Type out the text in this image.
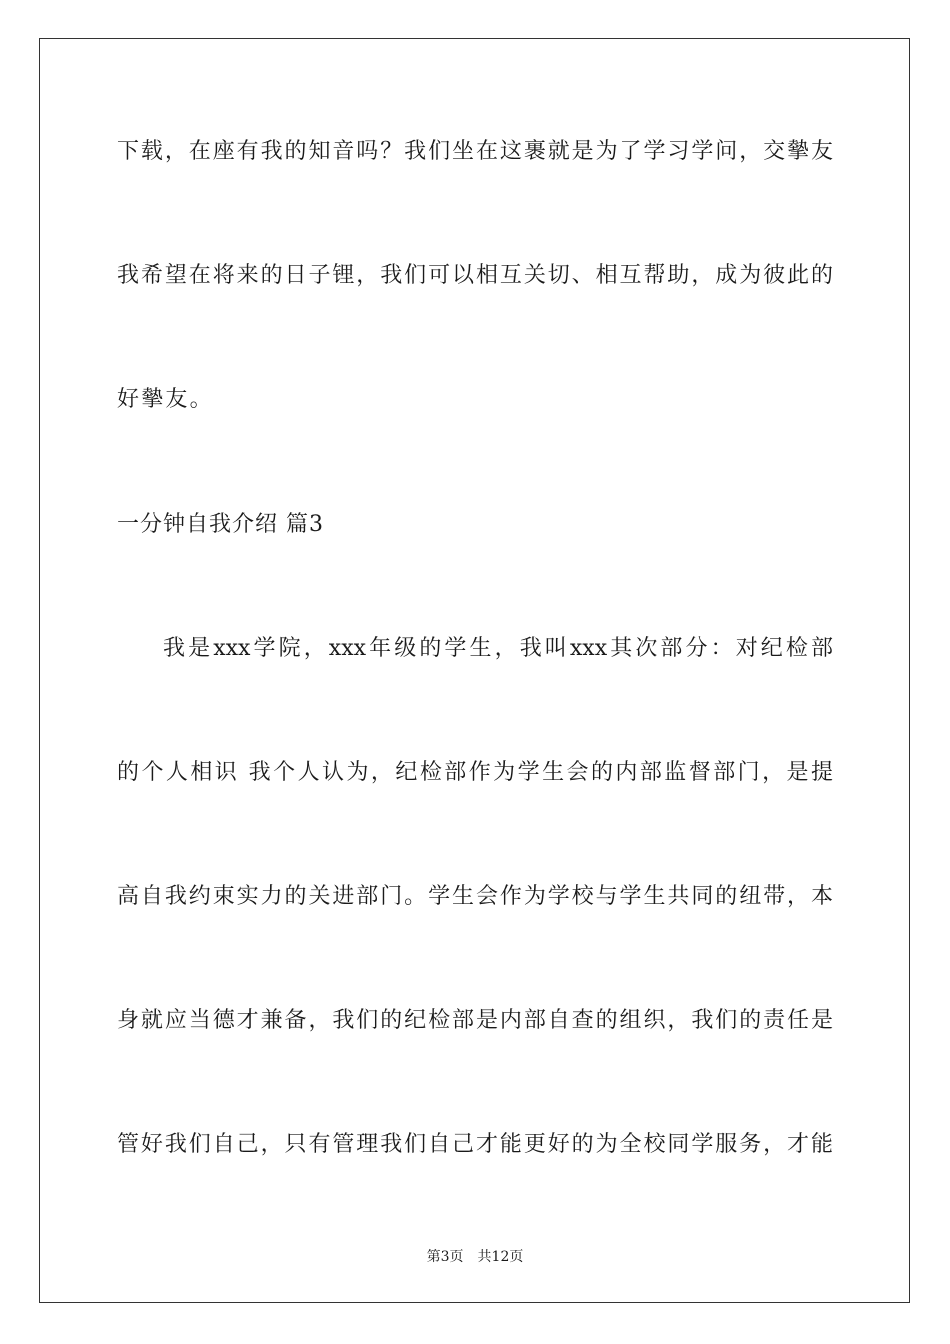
下载，在座有我的知音吗？我们坐在这裹就是为了学习学问，交摰友
我希望在将来的日子锂，我们可以相互关切、相互帮助，成为彼此的
好摰友。
一分钟自我介绍 篇3
我是xxx学院，xxx年级的学生，我叫xxx其次部分：对纪检部
的个人相识 我个人认为，纪检部作为学生会的内部监督部门，是提
高自我约束实力的关进部门。学生会作为学校与学生共同的纽带，本
身就应当德才兼备，我们的纪检部是内部自查的组织，我们的责任是
管好我们自己，只有管理我们自己才能更好的为全校同学服务，才能
第3页 共12页
